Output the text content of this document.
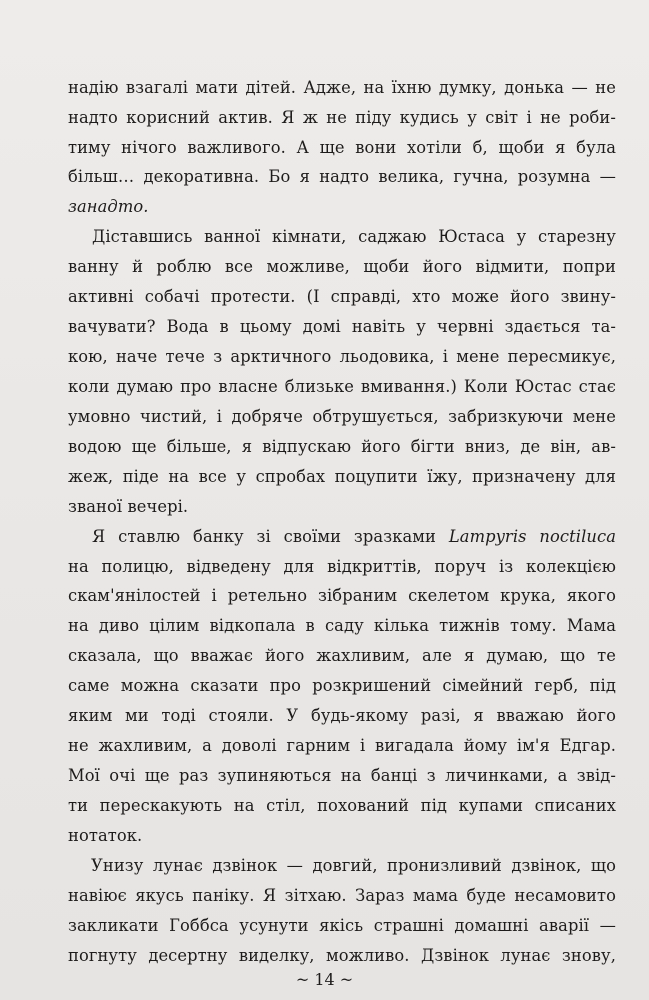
надію взагалі мати дітей. Адже, на їхню думку, донька — не
надто корисний актив. Я ж не піду кудись у світ і не роби-
тиму нічого важливого. А ще вони хотіли б, щоби я була
більш… декоративна. Бо я надто велика, гучна, розумна —
занадто.
Діставшись ванної кімнати, саджаю Юстаса у старезну
ванну й роблю все можливе, щоби його відмити, попри
активні собачі протести. (І справді, хто може його звину-
вачувати? Вода в цьому домі навіть у червні здається та-
кою, наче тече з арктичного льодовика, і мене пересмикує,
коли думаю про власне близьке вмивання.) Коли Юстас стає
умовно чистий, і добряче обтрушується, забризкуючи мене
водою ще більше, я відпускаю його бігти вниз, де він, ав-
жеж, піде на все у спробах поцупити їжу, призначену для
званої вечері.
Я ставлю банку зі своїми зразками Lampyris noctiluca
на полицю, відведену для відкриттів, поруч із колекцією
скам'янілостей і ретельно зібраним скелетом крука, якого
на диво цілим відкопала в саду кілька тижнів тому. Мама
сказала, що вважає його жахливим, але я думаю, що те
саме можна сказати про розкришений сімейний герб, під
яким ми тоді стояли. У будь-якому разі, я вважаю його
не жахливим, а доволі гарним і вигадала йому ім'я Едгар.
Мої очі ще раз зупиняються на банці з личинками, а звід-
ти перескакують на стіл, похований під купами списаних
нотаток.
Унизу лунає дзвінок — довгий, пронизливий дзвінок, що
навіює якусь паніку. Я зітхаю. Зараз мама буде несамовито
закликати Гоббса усунути якісь страшні домашні аварії —
погнуту десертну виделку, можливо. Дзвінок лунає знову,
~ 14 ~
